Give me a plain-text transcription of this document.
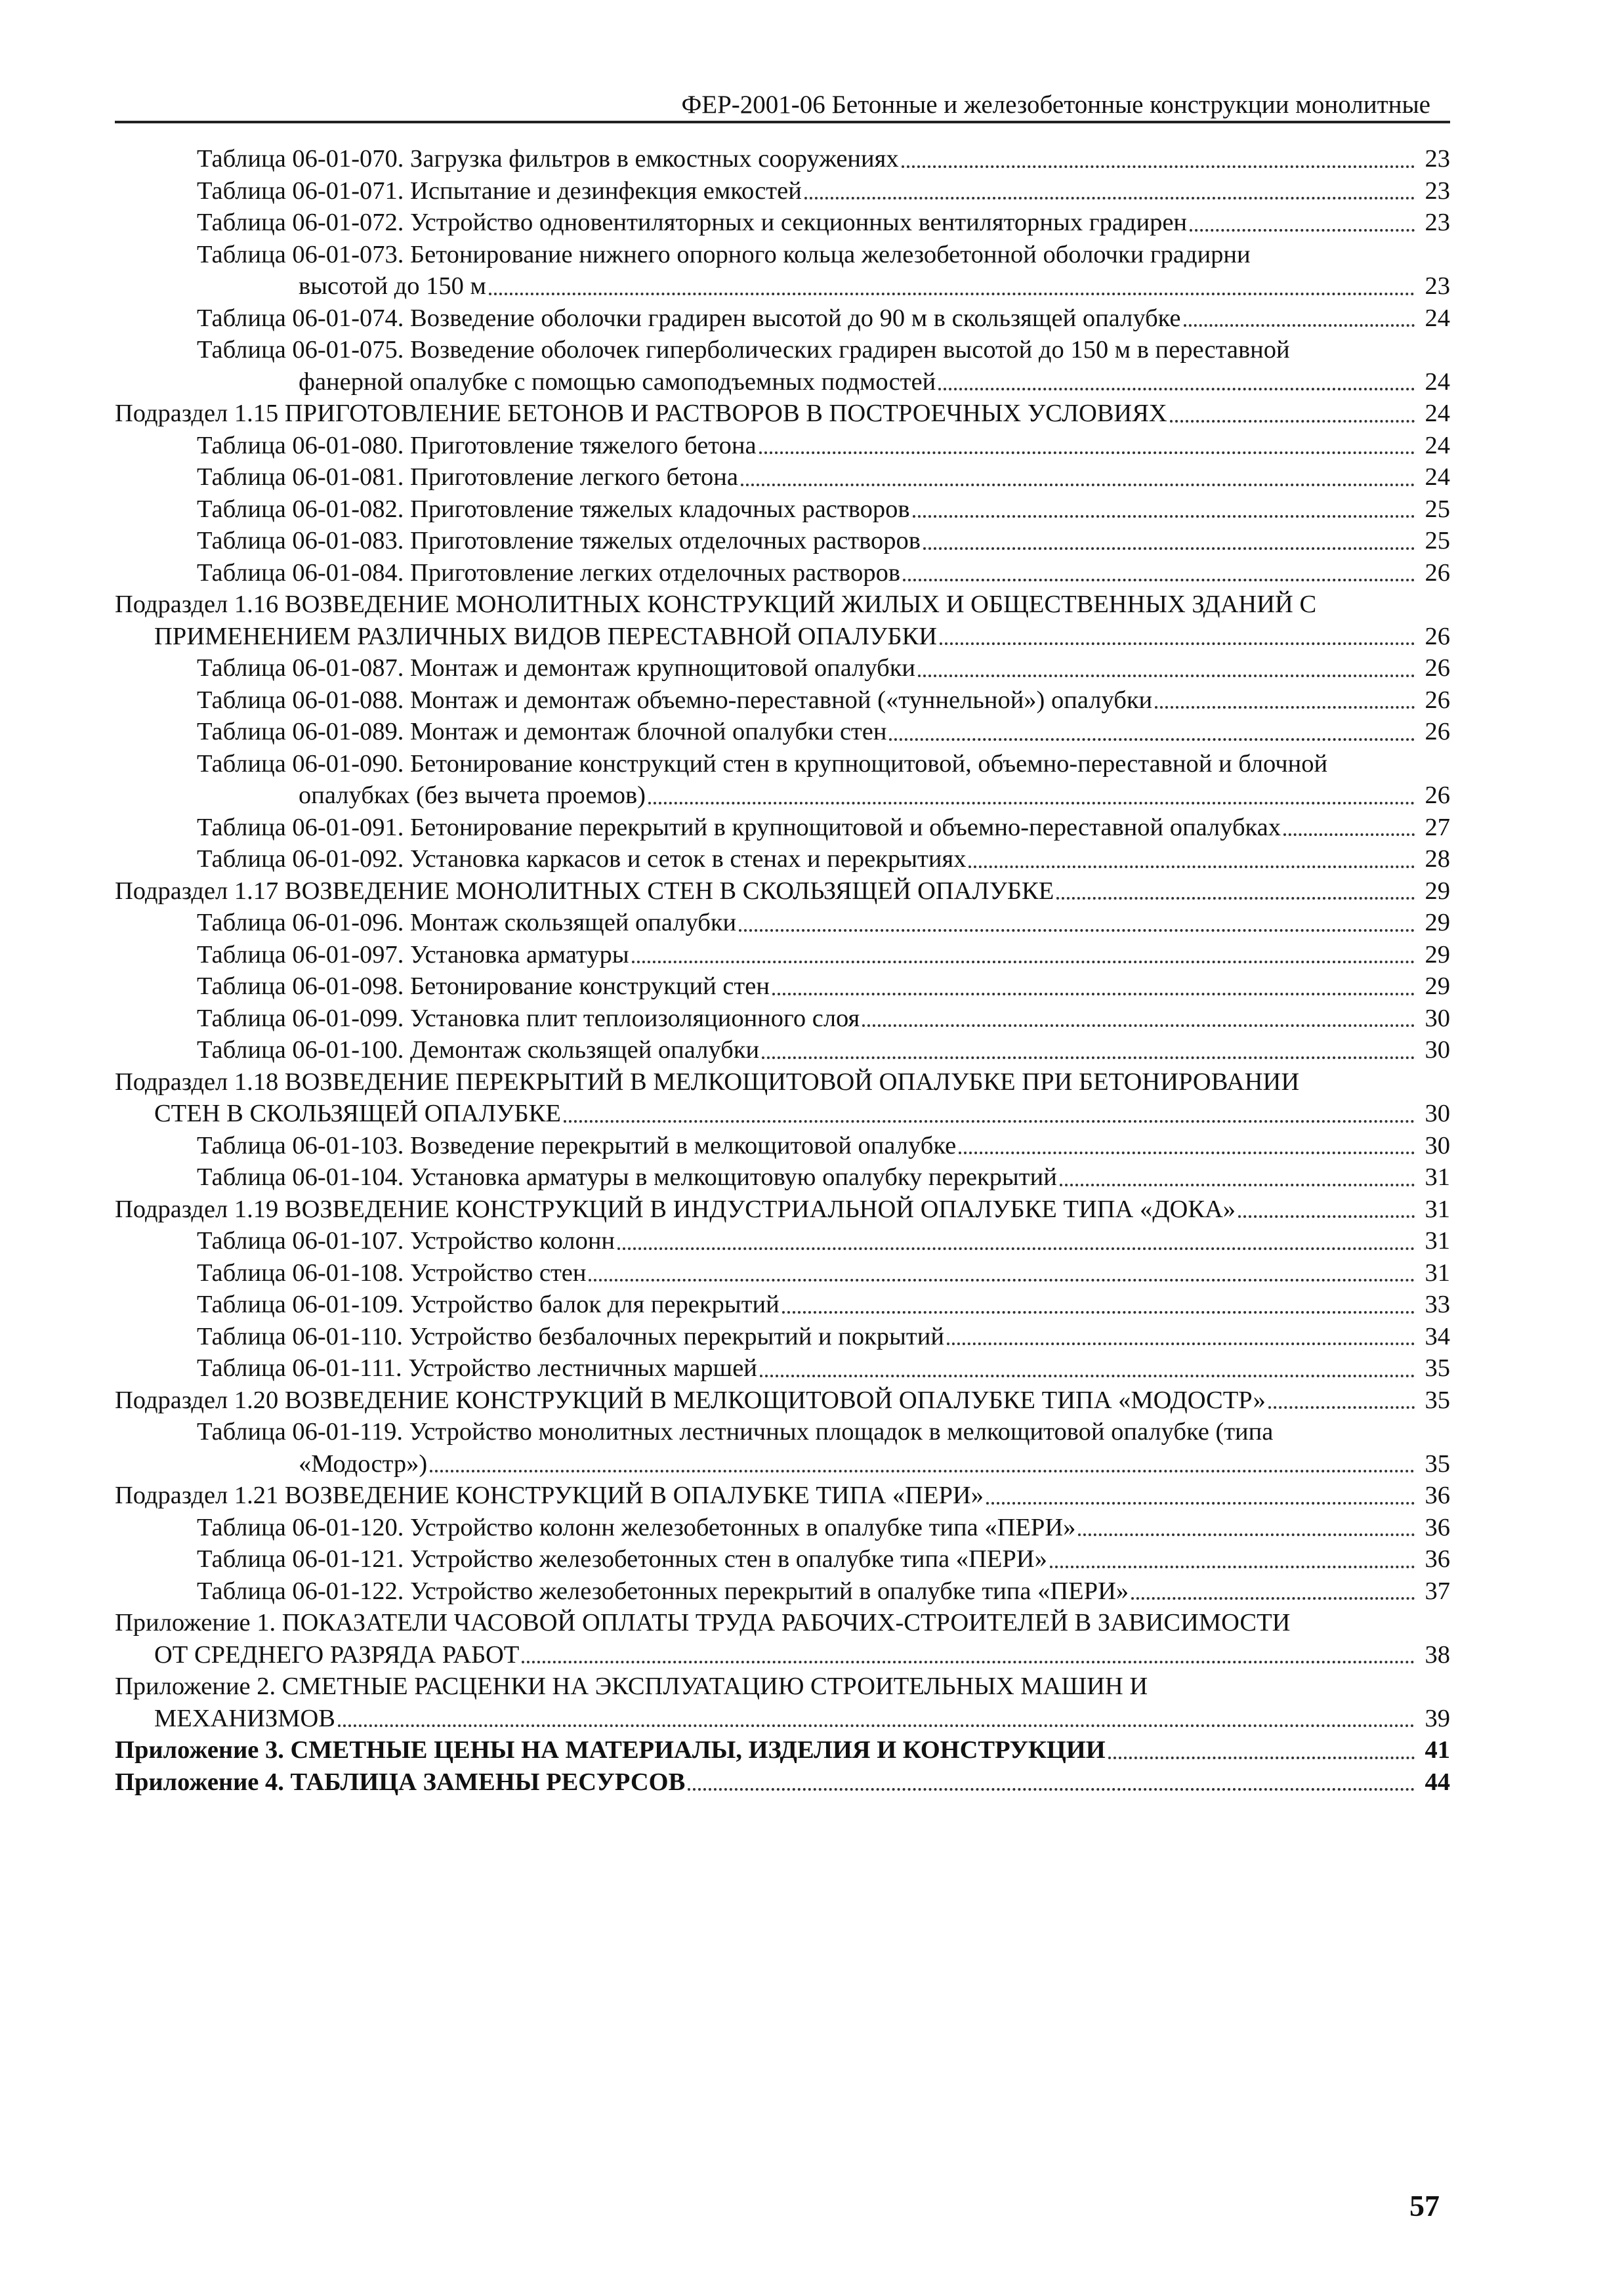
ФЕР-2001-06 Бетонные и железобетонные конструкции монолитные
Таблица 06-01-070. Загрузка фильтров в емкостных сооружениях	23
Таблица 06-01-071. Испытание и дезинфекция емкостей	23
Таблица 06-01-072. Устройство одновентиляторных и секционных вентиляторных градирен	23
Таблица 06-01-073. Бетонирование нижнего опорного кольца железобетонной оболочки градирни
высотой до 150 м	23
Таблица 06-01-074. Возведение оболочки градирен высотой до 90 м в скользящей опалубке	24
Таблица 06-01-075. Возведение оболочек гиперболических градирен высотой до 150 м в переставной
фанерной опалубке с помощью самоподъемных подмостей	24
Подраздел 1.15 ПРИГОТОВЛЕНИЕ БЕТОНОВ И РАСТВОРОВ В ПОСТРОЕЧНЫХ УСЛОВИЯХ	24
Таблица 06-01-080. Приготовление тяжелого бетона	24
Таблица 06-01-081. Приготовление легкого бетона	24
Таблица 06-01-082. Приготовление тяжелых кладочных растворов	25
Таблица 06-01-083. Приготовление тяжелых отделочных растворов	25
Таблица 06-01-084. Приготовление легких отделочных растворов	26
Подраздел 1.16 ВОЗВЕДЕНИЕ МОНОЛИТНЫХ КОНСТРУКЦИЙ ЖИЛЫХ И ОБЩЕСТВЕННЫХ ЗДАНИЙ С
ПРИМЕНЕНИЕМ РАЗЛИЧНЫХ ВИДОВ ПЕРЕСТАВНОЙ ОПАЛУБКИ	26
Таблица 06-01-087. Монтаж и демонтаж крупнощитовой опалубки	26
Таблица 06-01-088. Монтаж и демонтаж объемно-переставной («туннельной») опалубки	26
Таблица 06-01-089. Монтаж и демонтаж блочной опалубки стен	26
Таблица 06-01-090. Бетонирование конструкций стен в крупнощитовой, объемно-переставной и блочной
опалубках (без вычета проемов)	26
Таблица 06-01-091. Бетонирование перекрытий в крупнощитовой и объемно-переставной опалубках	27
Таблица 06-01-092. Установка каркасов и сеток в стенах и перекрытиях	28
Подраздел 1.17 ВОЗВЕДЕНИЕ МОНОЛИТНЫХ СТЕН В СКОЛЬЗЯЩЕЙ ОПАЛУБКЕ	29
Таблица 06-01-096. Монтаж скользящей опалубки	29
Таблица 06-01-097. Установка арматуры	29
Таблица 06-01-098. Бетонирование конструкций стен	29
Таблица 06-01-099. Установка плит теплоизоляционного слоя	30
Таблица 06-01-100. Демонтаж скользящей опалубки	30
Подраздел 1.18 ВОЗВЕДЕНИЕ ПЕРЕКРЫТИЙ В МЕЛКОЩИТОВОЙ ОПАЛУБКЕ ПРИ БЕТОНИРОВАНИИ
СТЕН В СКОЛЬЗЯЩЕЙ ОПАЛУБКЕ	30
Таблица 06-01-103. Возведение перекрытий в мелкощитовой опалубке	30
Таблица 06-01-104. Установка арматуры в мелкощитовую опалубку перекрытий	31
Подраздел 1.19 ВОЗВЕДЕНИЕ КОНСТРУКЦИЙ В ИНДУСТРИАЛЬНОЙ ОПАЛУБКЕ ТИПА «ДОКА»	31
Таблица 06-01-107. Устройство колонн	31
Таблица 06-01-108. Устройство стен	31
Таблица 06-01-109. Устройство балок для перекрытий	33
Таблица 06-01-110. Устройство безбалочных перекрытий и покрытий	34
Таблица 06-01-111. Устройство лестничных маршей	35
Подраздел 1.20 ВОЗВЕДЕНИЕ КОНСТРУКЦИЙ В МЕЛКОЩИТОВОЙ ОПАЛУБКЕ ТИПА «МОДОСТР»	35
Таблица 06-01-119. Устройство монолитных лестничных площадок в мелкощитовой опалубке (типа
«Модостр»)	35
Подраздел 1.21 ВОЗВЕДЕНИЕ КОНСТРУКЦИЙ В ОПАЛУБКЕ ТИПА «ПЕРИ»	36
Таблица 06-01-120. Устройство колонн железобетонных в опалубке типа «ПЕРИ»	36
Таблица 06-01-121. Устройство железобетонных стен в опалубке типа «ПЕРИ»	36
Таблица 06-01-122. Устройство железобетонных перекрытий в опалубке типа «ПЕРИ»	37
Приложение 1. ПОКАЗАТЕЛИ ЧАСОВОЙ ОПЛАТЫ ТРУДА РАБОЧИХ-СТРОИТЕЛЕЙ В ЗАВИСИМОСТИ
ОТ СРЕДНЕГО РАЗРЯДА РАБОТ	38
Приложение 2. СМЕТНЫЕ РАСЦЕНКИ НА ЭКСПЛУАТАЦИЮ СТРОИТЕЛЬНЫХ МАШИН И
МЕХАНИЗМОВ	39
Приложение 3. СМЕТНЫЕ ЦЕНЫ НА МАТЕРИАЛЫ, ИЗДЕЛИЯ И КОНСТРУКЦИИ	41
Приложение 4. ТАБЛИЦА ЗАМЕНЫ РЕСУРСОВ	44
57
